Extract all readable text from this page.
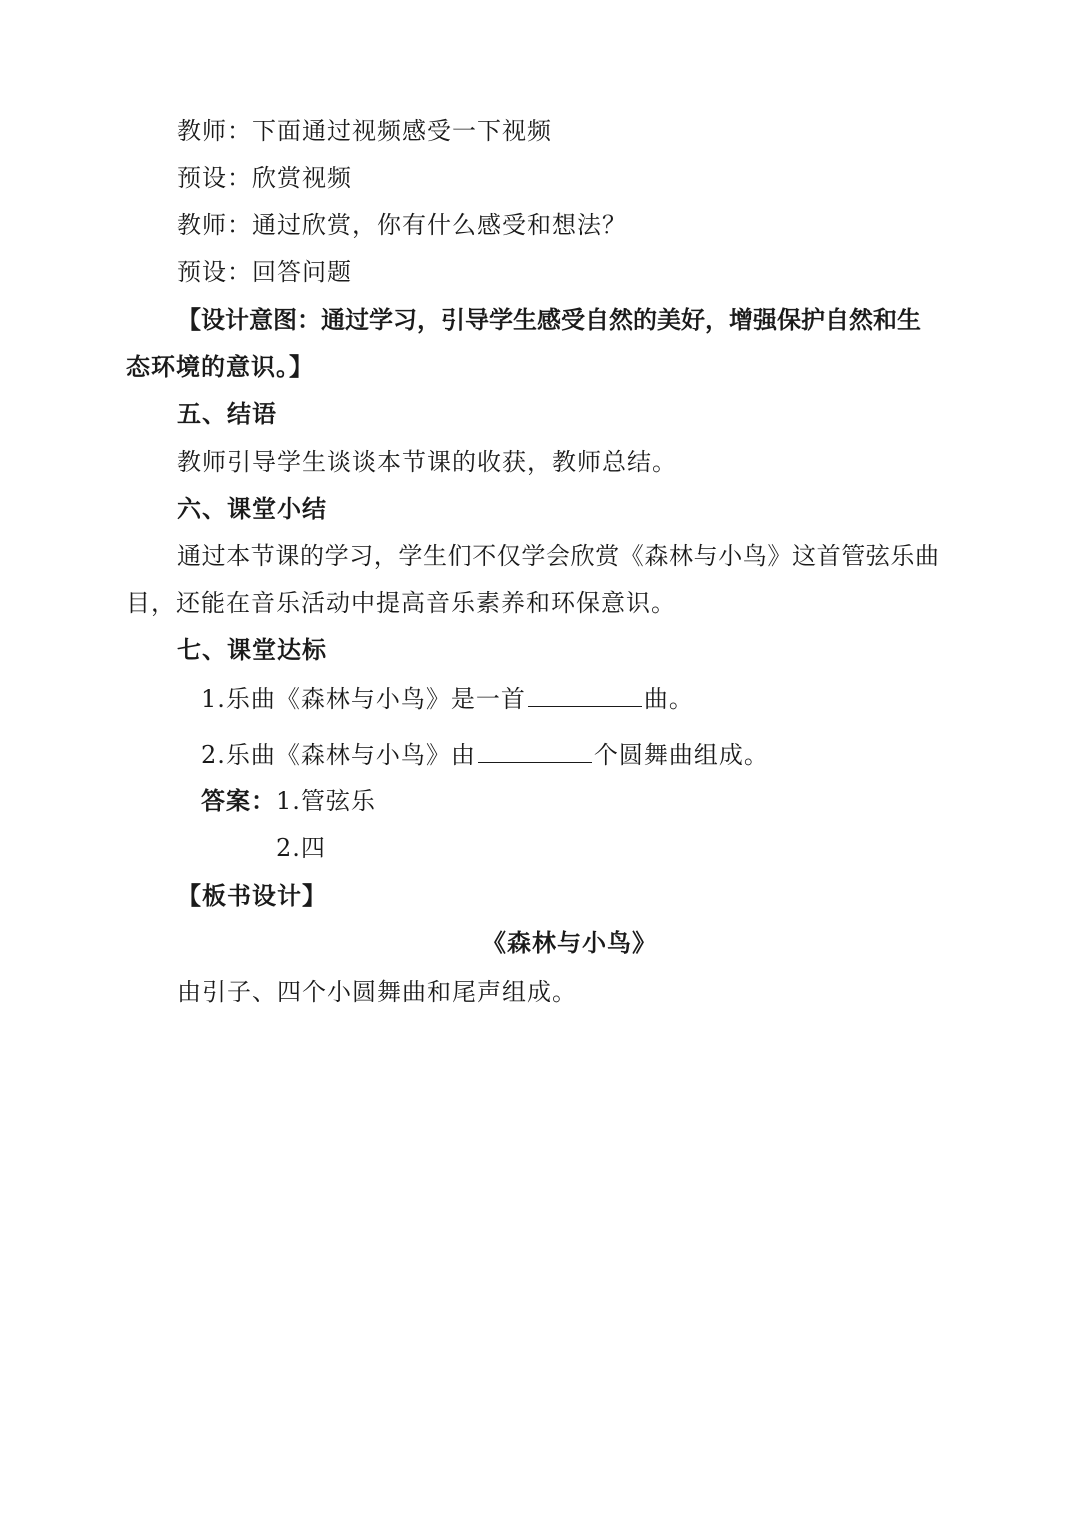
教师：下面通过视频感受一下视频
预设：欣赏视频
教师：通过欣赏，你有什么感受和想法？
预设：回答问题
【设计意图：通过学习，引导学生感受自然的美好，增强保护自然和生
态环境的意识。】
五、结语
教师引导学生谈谈本节课的收获，教师总结。
六、课堂小结
通过本节课的学习，学生们不仅学会欣赏《森林与小鸟》这首管弦乐曲
目，还能在音乐活动中提高音乐素养和环保意识。
七、课堂达标
1.乐曲《森林与小鸟》是一首	曲。
2.乐曲《森林与小鸟》由	个圆舞曲组成。
答案：1.管弦乐
2.四
【板书设计】
《森林与小鸟》
由引子、四个小圆舞曲和尾声组成。
